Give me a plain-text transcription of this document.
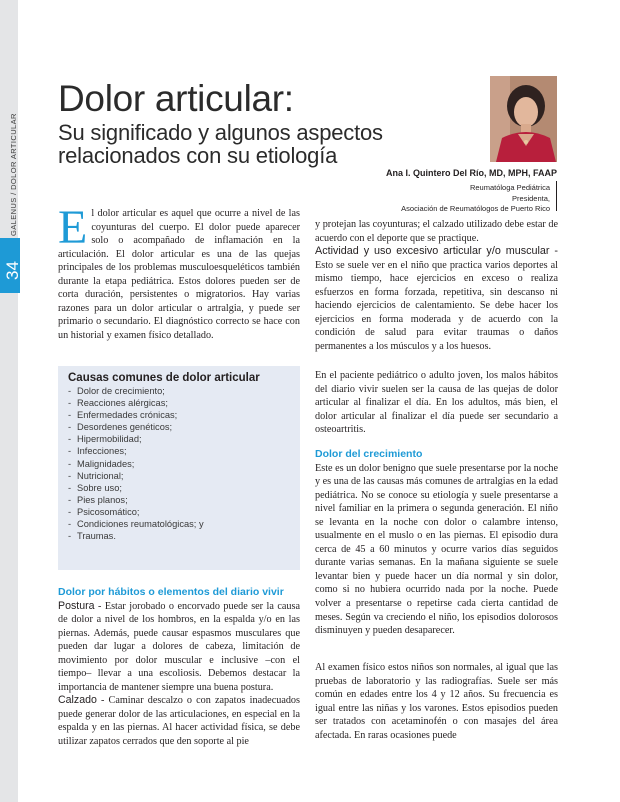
GALENUS / DOLOR ARTICULAR
34
Dolor articular:
Su significado y algunos aspectos relacionados con su etiología
Ana I. Quintero Del Río, MD, MPH, FAAP
Reumatóloga Pediátrica
Presidenta,
Asociación de Reumatólogos de Puerto Rico
E l dolor articular es aquel que ocurre a nivel de las coyunturas del cuerpo. El dolor puede aparecer solo o acompañado de inflamación en la articulación. El dolor articular es una de las quejas principales de los problemas musculoesqueléticos también durante la etapa pediátrica. Estos dolores pueden ser de corta duración, persistentes o migratorios. Hay varias razones para un dolor articular o artralgia, y puede ser primario o secundario. El diagnóstico correcto se hace con un historial y examen físico detallado.
Causas comunes de dolor articular
- Dolor de crecimiento;
- Reacciones alérgicas;
- Enfermedades crónicas;
- Desordenes genéticos;
- Hipermobilidad;
- Infecciones;
- Malignidades;
- Nutricional;
- Sobre uso;
- Pies planos;
- Psicosomático;
- Condiciones reumatológicas; y
- Traumas.
Dolor por hábitos o elementos del diario vivir

Postura - Estar jorobado o encorvado puede ser la causa de dolor a nivel de los hombros, en la espalda y/o en las piernas. Además, puede causar espasmos musculares que pueden dar lugar a dolores de cabeza, limitación de movimiento por dolor muscular e inclusive –con el tiempo– llevar a una escoliosis. Debemos destacar la importancia de mantener siempre una buena postura.

Calzado - Caminar descalzo o con zapatos inadecuados puede generar dolor de las articulaciones, en especial en la espalda y en las piernas. Al hacer actividad física, se debe utilizar zapatos cerrados que den soporte al pie

y protejan las coyunturas; el calzado utilizado debe estar de acuerdo con el deporte que se practique.

Actividad y uso excesivo articular y/o muscular - Esto se suele ver en el niño que practica varios deportes al mismo tiempo, hace ejercicios en exceso o realiza esfuerzos en forma forzada, repetitiva, sin descanso ni haciendo ejercicios de calentamiento. Se debe hacer los ejercicios en forma moderada y de acuerdo con la condición de salud para evitar traumas o daños permanentes a los músculos y a los huesos.

En el paciente pediátrico o adulto joven, los malos hábitos del diario vivir suelen ser la causa de las quejas de dolor articular al finalizar el día. En los adultos, más bien, el dolor articular al finalizar el día puede ser secundario a osteoartritis.
Dolor del crecimiento

Este es un dolor benigno que suele presentarse por la noche y es una de las causas más comunes de artralgias en la edad pediátrica. No se conoce su etiología y suele presentarse a nivel familiar en la primera o segunda generación. El niño se levanta en la noche con dolor o calambre intenso, usualmente en el muslo o en las piernas. El episodio dura cerca de 45 a 60 minutos y ocurre varios días seguidos durante varias semanas. En la mañana siguiente se suele levantar bien y puede hacer un día normal y sin dolor, como si no hubiera ocurrido nada por la noche. Puede volver a presentarse o repetirse cada cierta cantidad de meses. Según va creciendo el niño, los episodios dolorosos disminuyen y pueden desaparecer.

Al examen físico estos niños son normales, al igual que las pruebas de laboratorio y las radiografías. Suele ser más común en edades entre los 4 y 12 años. Su frecuencia es igual entre las niñas y los varones. Estos episodios pueden ser tratados con acetaminofén o con masajes del área afectada. En raras ocasiones puede
